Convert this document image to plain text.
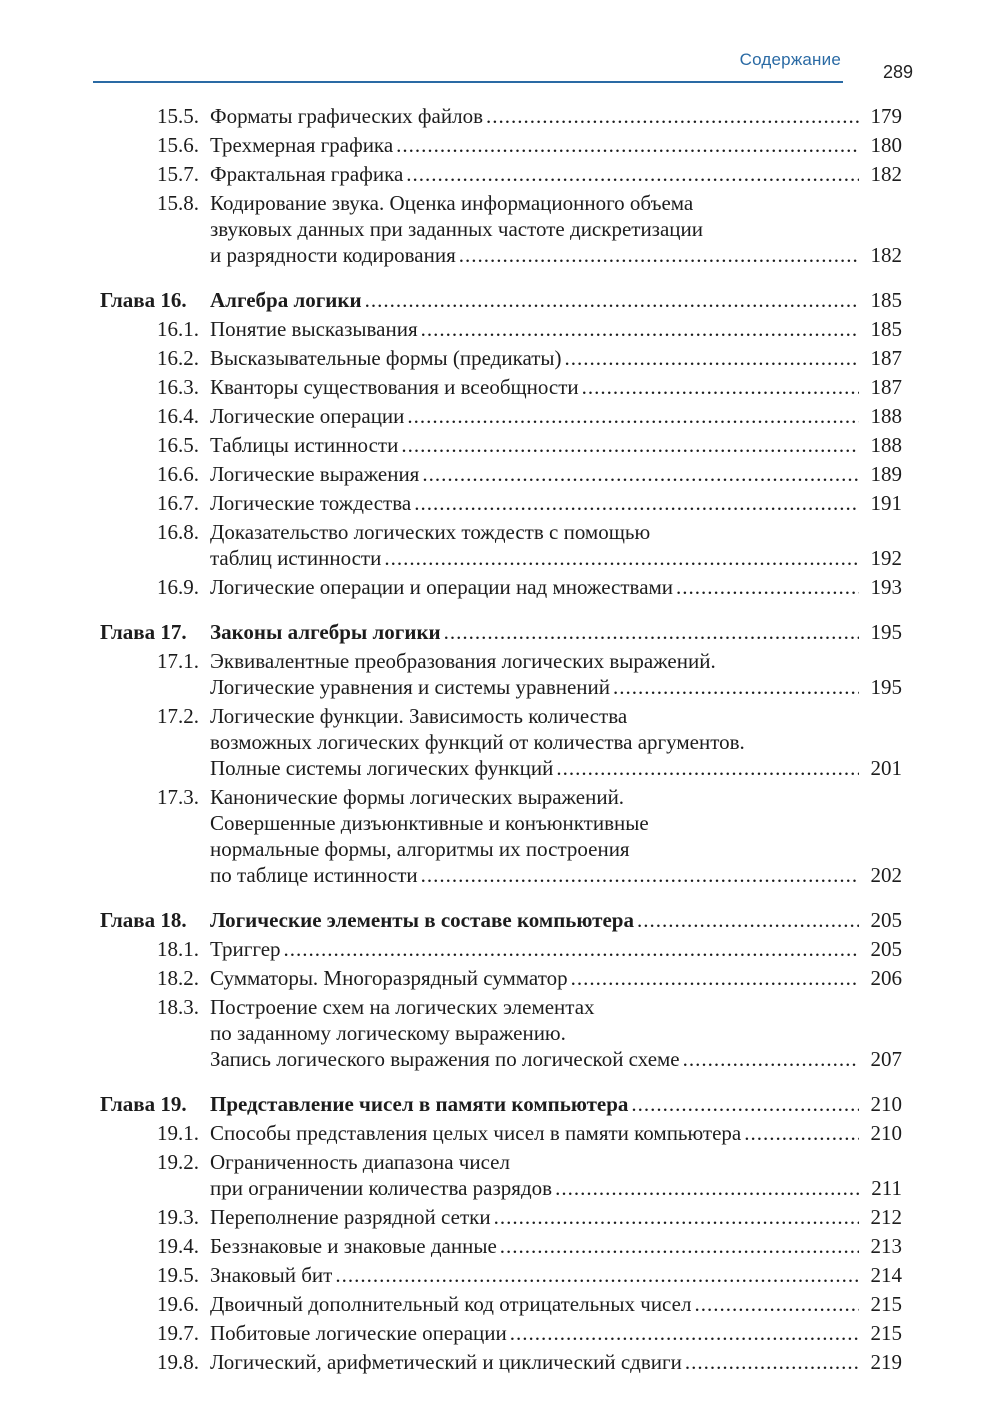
Содержание
289
15.5. Форматы графических файлов .....	179
15.6. Трехмерная графика .....	180
15.7. Фрактальная графика .....	182
15.8. Кодирование звука. Оценка информационного объема
звуковых данных при заданных частоте дискретизации
и разрядности кодирования .....	182
Глава 16. Алгебра логики .....	185
16.1. Понятие высказывания .....	185
16.2. Высказывательные формы (предикаты) .....	187
16.3. Кванторы существования и всеобщности .....	187
16.4. Логические операции .....	188
16.5. Таблицы истинности .....	188
16.6. Логические выражения .....	189
16.7. Логические тождества .....	191
16.8. Доказательство логических тождеств с помощью
таблиц истинности .....	192
16.9. Логические операции и операции над множествами .....	193
Глава 17. Законы алгебры логики .....	195
17.1. Эквивалентные преобразования логических выражений.
Логические уравнения и системы уравнений .....	195
17.2. Логические функции. Зависимость количества
возможных логических функций от количества аргументов.
Полные системы логических функций .....	201
17.3. Канонические формы логических выражений.
Совершенные дизъюнктивные и конъюнктивные
нормальные формы, алгоритмы их построения
по таблице истинности .....	202
Глава 18. Логические элементы в составе компьютера .....	205
18.1. Триггер .....	205
18.2. Сумматоры. Многоразрядный сумматор .....	206
18.3. Построение схем на логических элементах
по заданному логическому выражению.
Запись логического выражения по логической схеме .....	207
Глава 19. Представление чисел в памяти компьютера .....	210
19.1. Способы представления целых чисел в памяти компьютера .....	210
19.2. Ограниченность диапазона чисел
при ограничении количества разрядов .....	211
19.3. Переполнение разрядной сетки .....	212
19.4. Беззнаковые и знаковые данные .....	213
19.5. Знаковый бит .....	214
19.6. Двоичный дополнительный код отрицательных чисел .....	215
19.7. Побитовые логические операции .....	215
19.8. Логический, арифметический и циклический сдвиги .....	219
